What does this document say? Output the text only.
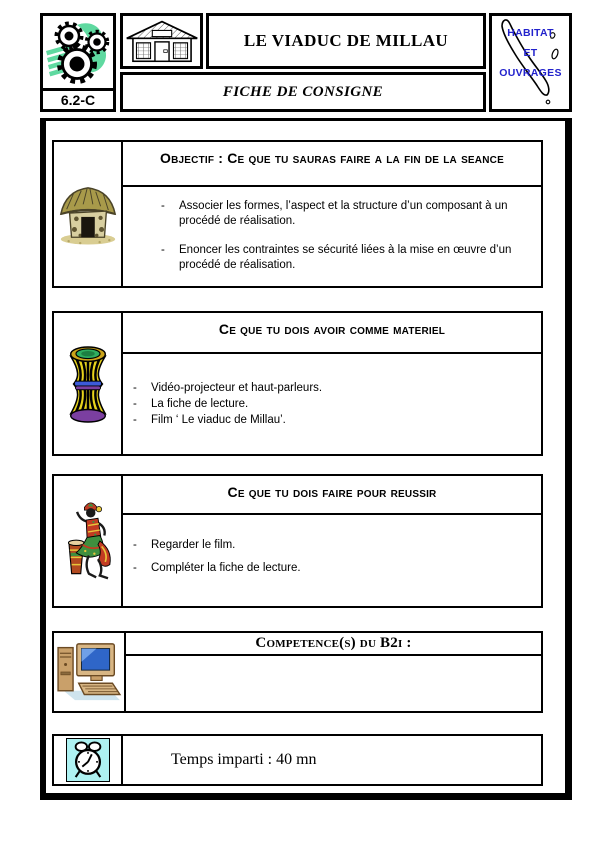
6.2-C
LE VIADUC DE MILLAU
FICHE DE CONSIGNE
HABITAT
ET
OUVRAGES
Objectif : Ce que tu sauras faire a la fin de la seance
-	Associer les formes, l’aspect et la structure d’un composant à un procédé de réalisation.
-	Enoncer les contraintes se sécurité liées à la mise en œuvre d’un procédé de réalisation.
Ce que tu dois avoir comme materiel
-	Vidéo-projecteur et haut-parleurs.
-	La fiche de lecture.
-	Film ‘ Le viaduc de Millau’.
Ce que tu dois faire pour reussir
-	Regarder le film.
-	Compléter la fiche de lecture.
Competence(s) du B2i :
Temps imparti : 40 mn
